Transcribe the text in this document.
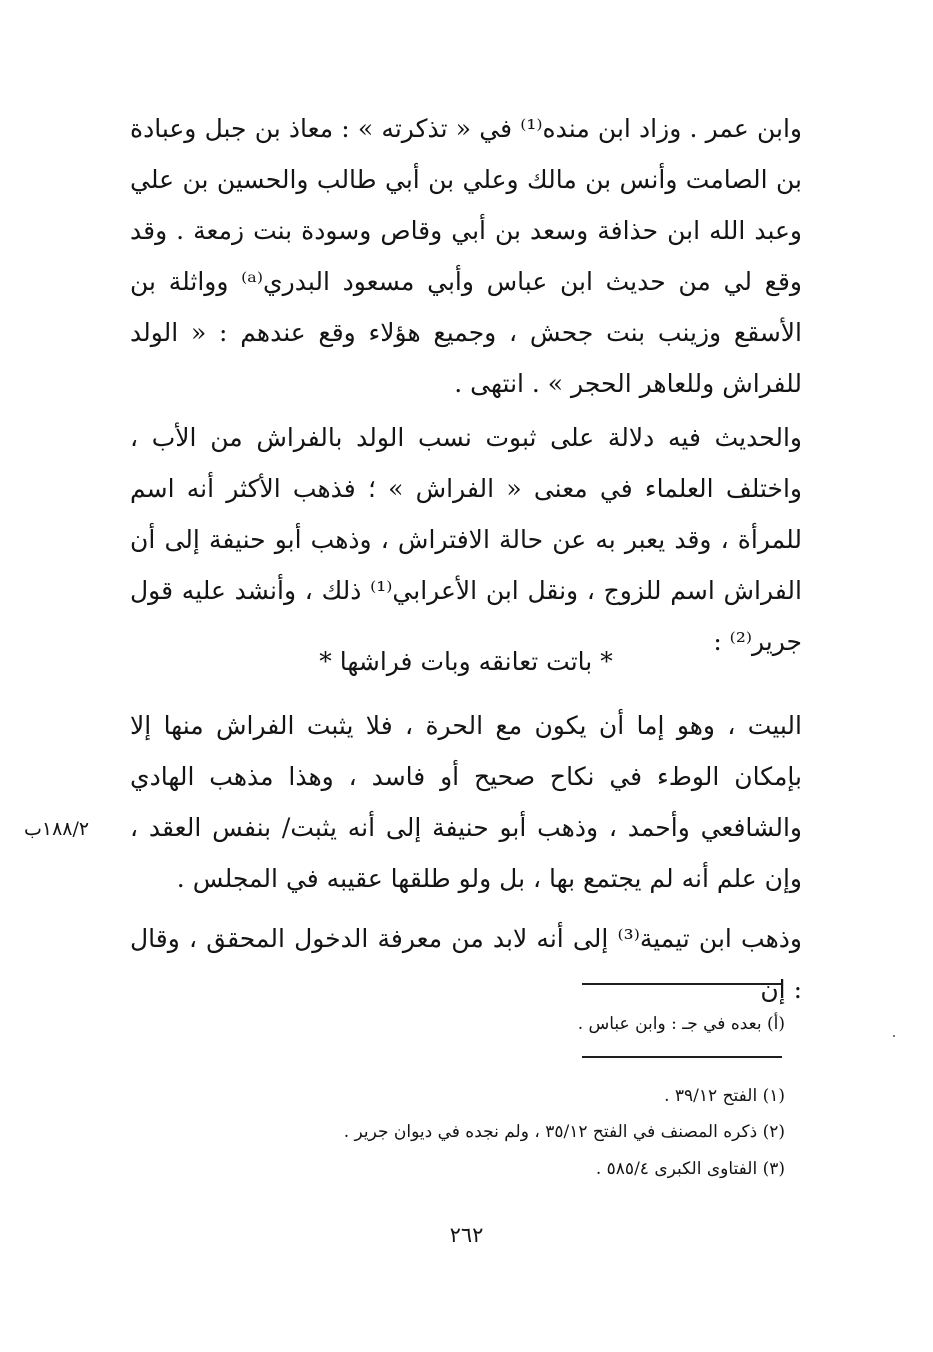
وابن عمر . وزاد ابن منده⁽¹⁾ في « تذكرته » : معاذ بن جبل وعبادة بن الصامت وأنس بن مالك وعلي بن أبي طالب والحسين بن علي وعبد الله ابن حذافة وسعد بن أبي وقاص وسودة بنت زمعة . وقد وقع لي من حديث ابن عباس وأبي مسعود البدري⁽ᵃ⁾ وواثلة بن الأسقع وزينب بنت جحش ، وجميع هؤلاء وقع عندهم : « الولد للفراش وللعاهر الحجر » . انتهى .

والحديث فيه دلالة على ثبوت نسب الولد بالفراش من الأب ، واختلف العلماء في معنى « الفراش » ؛ فذهب الأكثر أنه اسم للمرأة ، وقد يعبر به عن حالة الافتراش ، وذهب أبو حنيفة إلى أن الفراش اسم للزوج ، ونقل ابن الأعرابي⁽¹⁾ ذلك ، وأنشد عليه قول جرير⁽²⁾ :

* باتت تعانقه وبات فراشها *

البيت ، وهو إما أن يكون مع الحرة ، فلا يثبت الفراش منها إلا بإمكان الوطء في نكاح صحيح أو فاسد ، وهذا مذهب الهادي والشافعي وأحمد ، وذهب أبو حنيفة إلى أنه يثبت/ بنفس العقد ، وإن علم أنه لم يجتمع بها ، بل ولو طلقها عقيبه في المجلس .

١٨٨/٢ب

وذهب ابن تيمية⁽³⁾ إلى أنه لابد من معرفة الدخول المحقق ، وقال : إن

(أ) بعده في جـ : وابن عباس .
(١) الفتح ٣٩/١٢ .
(٢) ذكره المصنف في الفتح ٣٥/١٢ ، ولم نجده في ديوان جرير .
(٣) الفتاوى الكبرى ٥٨٥/٤ .
٢٦٢
